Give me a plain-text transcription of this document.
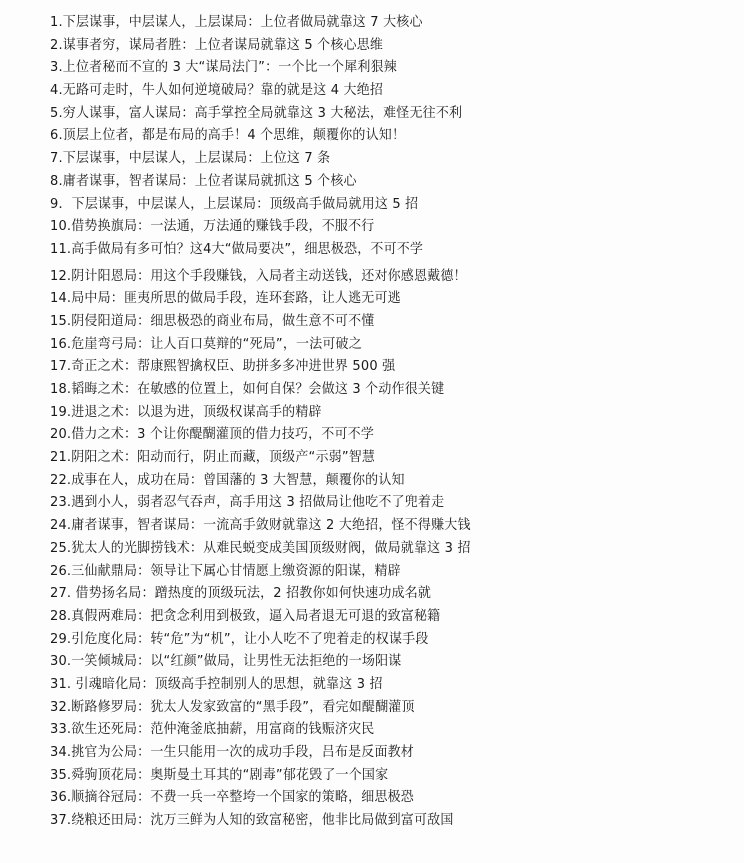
1.下层谋事，中层谋人，上层谋局：上位者做局就靠这 7 大核心
2.谋事者穷，谋局者胜：上位者谋局就靠这 5 个核心思维
3.上位者秘而不宣的 3 大“谋局法门”：一个比一个犀利狠辣
4.无路可走时，牛人如何逆境破局？靠的就是这 4 大绝招
5.穷人谋事，富人谋局：高手掌控全局就靠这 3 大秘法，难怪无往不利
6.顶层上位者，都是布局的高手！4 个思维，颠覆你的认知！
7.下层谋事，中层谋人，上层谋局：上位这 7 条
8.庸者谋事，智者谋局：上位者谋局就抓这 5 个核心
9．下层谋事，中层谋人，上层谋局：顶级高手做局就用这 5 招
10.借势换旗局：一法通，万法通的赚钱手段，不服不行
11.高手做局有多可怕？这4大“做局要决”，细思极恐，不可不学
12.阴计阳恩局：用这个手段赚钱，入局者主动送钱，还对你感恩戴德！
14.局中局：匪夷所思的做局手段，连环套路，让人逃无可逃
15.阴侵阳道局：细思极恐的商业布局，做生意不可不懂
16.危崖弯弓局：让人百口莫辩的“死局”，一法可破之
17.奇正之术：帮康熙智擒权臣、助拼多多冲进世界 500 强
18.韬晦之术：在敏感的位置上，如何自保？会做这 3 个动作很关键
19.进退之术：以退为进，顶级权谋高手的精辟
20.借力之术：3 个让你醍醐灌顶的借力技巧，不可不学
21.阴阳之术：阳动而行，阴止而藏，顶级产“示弱”智慧
22.成事在人，成功在局：曾国藩的 3 大智慧，颠覆你的认知
23.遇到小人，弱者忍气吞声，高手用这 3 招做局让他吃不了兜着走
24.庸者谋事，智者谋局：一流高手敛财就靠这 2 大绝招，怪不得赚大钱
25.犹太人的光脚捞钱术：从难民蜕变成美国顶级财阀，做局就靠这 3 招
26.三仙献鼎局：领导让下属心甘情愿上缴资源的阳谋，精辟
27. 借势扬名局：蹭热度的顶级玩法，2 招教你如何快速功成名就
28.真假两难局：把贪念利用到极致，逼入局者退无可退的致富秘籍
29.引危度化局：转“危”为“机”，让小人吃不了兜着走的权谋手段
30.一笑倾城局：以“红颜”做局，让男性无法拒绝的一场阳谋
31. 引魂暗化局：顶级高手控制别人的思想，就靠这 3 招
32.断路修罗局：犹太人发家致富的“黑手段”，看完如醍醐灌顶
33.欲生还死局：范仲淹釜底抽薪，用富商的钱赈济灾民
34.挑官为公局：一生只能用一次的成功手段，吕布是反面教材
35.舜驹顶花局：奥斯曼土耳其的“剧毒”郁花毁了一个国家
36.顺摘谷冠局：不费一兵一卒整垮一个国家的策略，细思极恐
37.绕粮还田局：沈万三鲜为人知的致富秘密，他非比局做到富可敌国
